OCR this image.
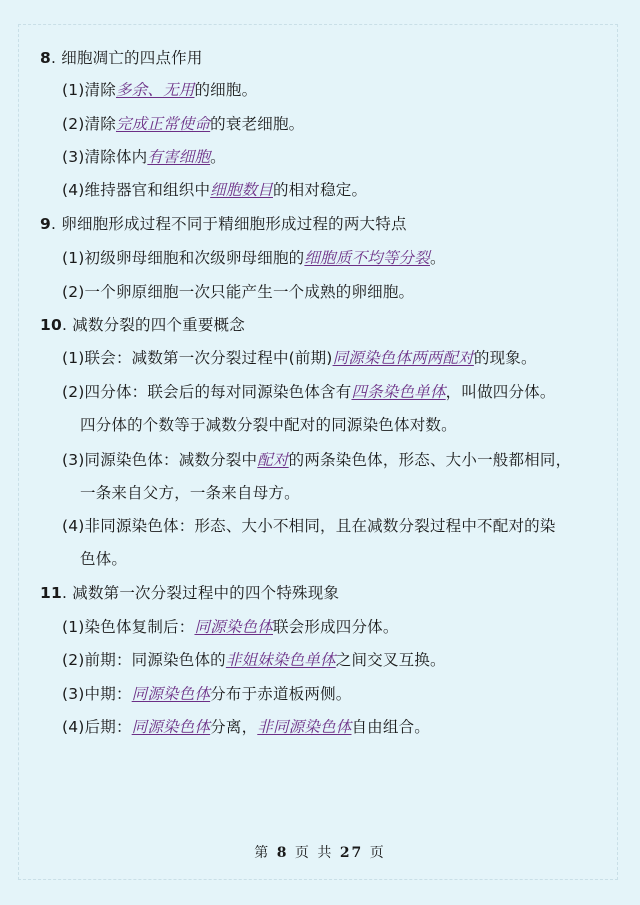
8. 细胞凋亡的四点作用
(1)清除多余、无用的细胞。
(2)清除完成正常使命的衰老细胞。
(3)清除体内有害细胞。
(4)维持器官和组织中细胞数目的相对稳定。
9. 卵细胞形成过程不同于精细胞形成过程的两大特点
(1)初级卵母细胞和次级卵母细胞的细胞质不均等分裂。
(2)一个卵原细胞一次只能产生一个成熟的卵细胞。
10. 减数分裂的四个重要概念
(1)联会：减数第一次分裂过程中(前期)同源染色体两两配对的现象。
(2)四分体：联会后的每对同源染色体含有四条染色单体，叫做四分体。
四分体的个数等于减数分裂中配对的同源染色体对数。
(3)同源染色体：减数分裂中配对的两条染色体，形态、大小一般都相同，
一条来自父方，一条来自母方。
(4)非同源染色体：形态、大小不相同，且在减数分裂过程中不配对的染
色体。
11. 减数第一次分裂过程中的四个特殊现象
(1)染色体复制后：同源染色体联会形成四分体。
(2)前期：同源染色体的非姐妹染色单体之间交叉互换。
(3)中期：同源染色体分布于赤道板两侧。
(4)后期：同源染色体分离，非同源染色体自由组合。
第 8 页 共 27 页
